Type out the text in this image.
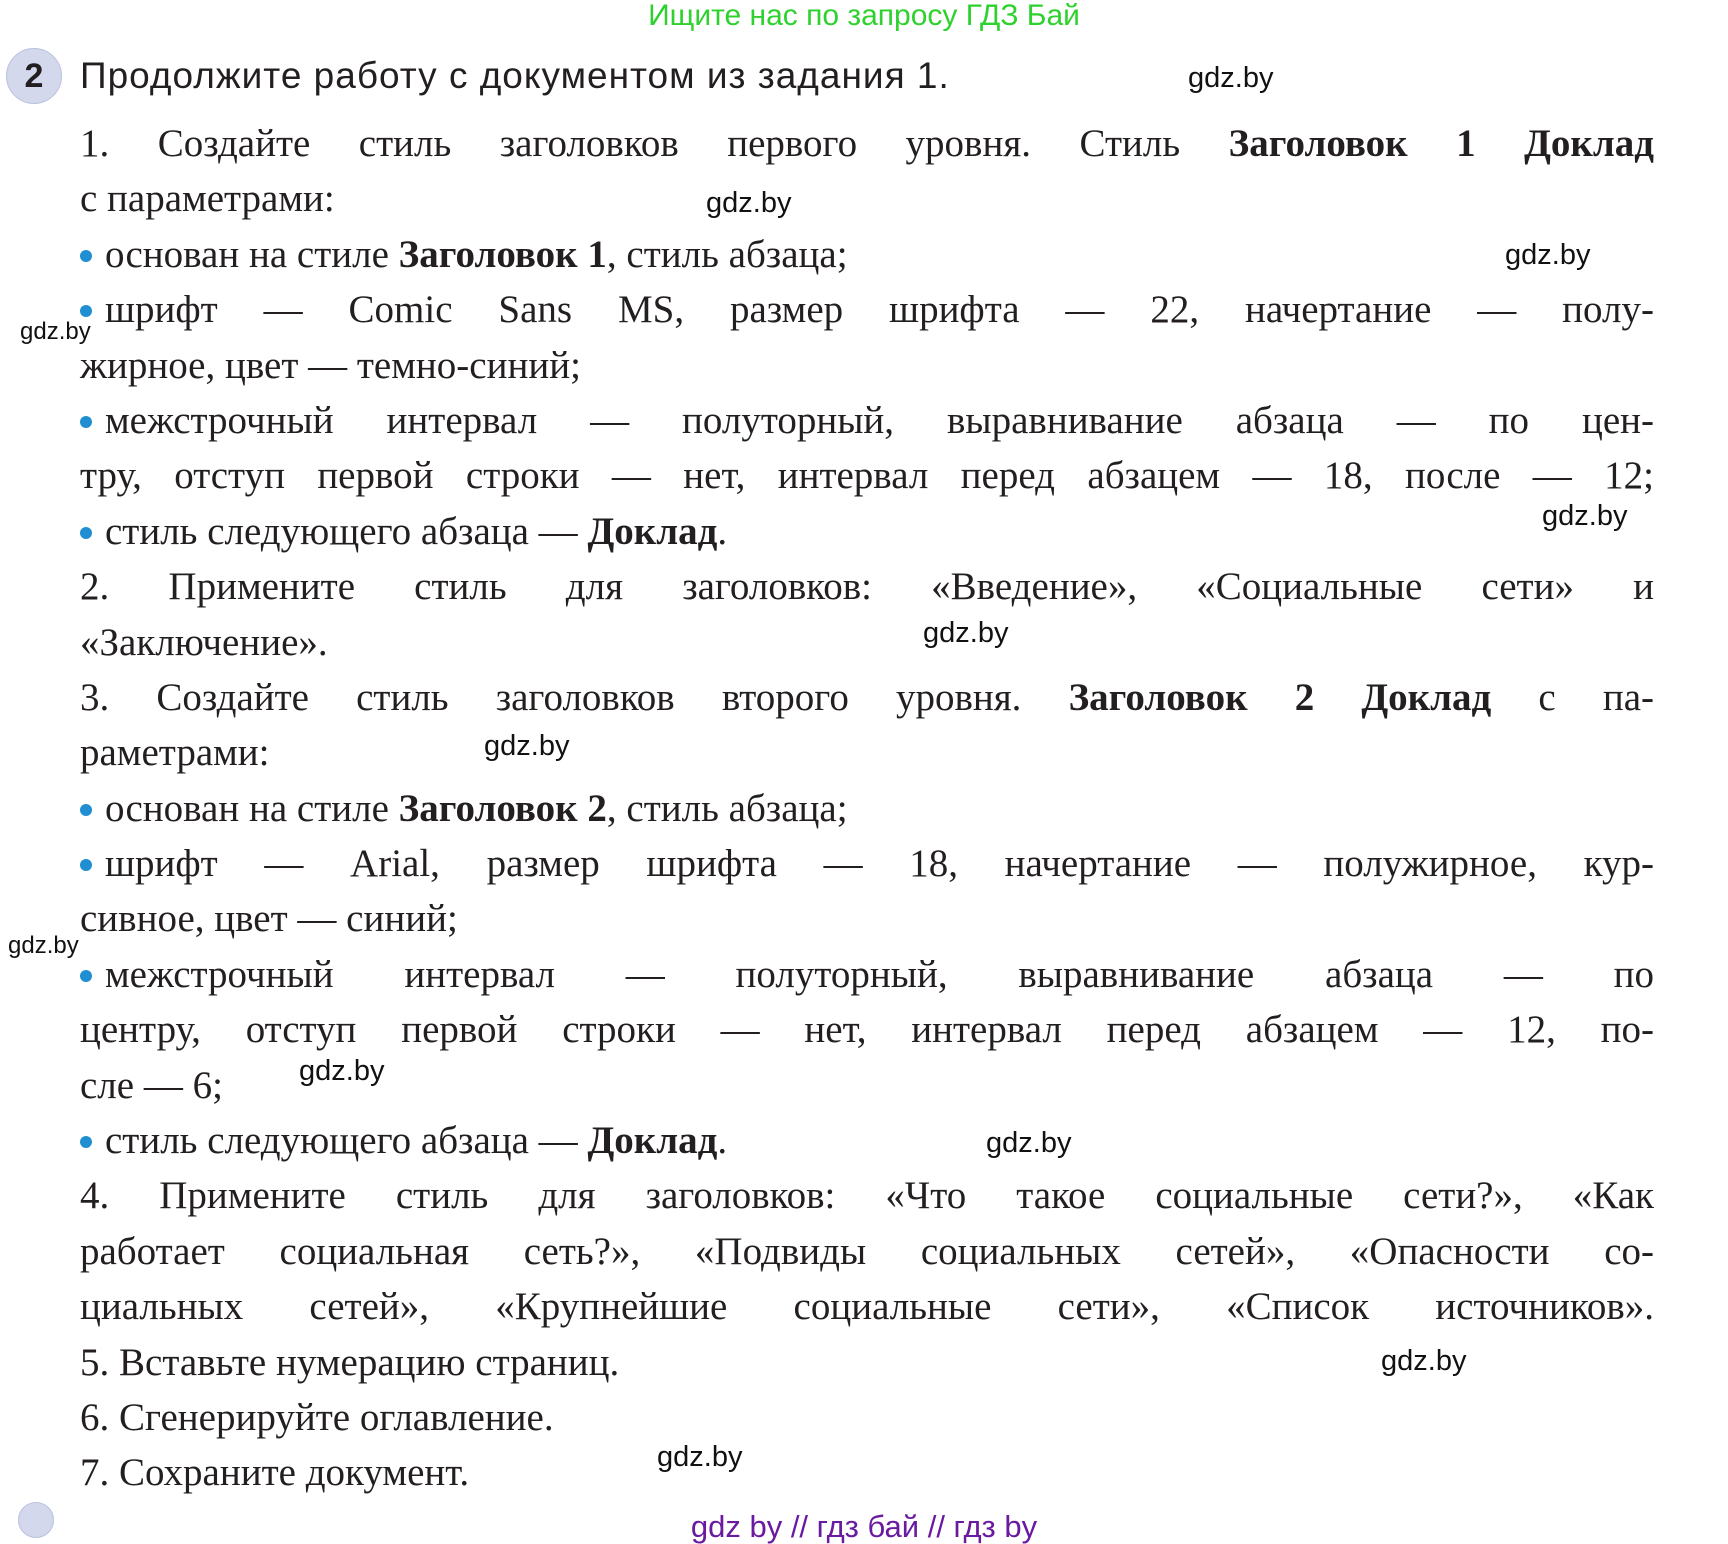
Ищите нас по запросу ГДЗ Бай
2 Продолжите работу с документом из задания 1.
1. Создайте стиль заголовков первого уровня. Стиль Заголовок 1 Доклад
с параметрами:
основан на стиле Заголовок 1, стиль абзаца;
шрифт — Comic Sans MS, размер шрифта — 22, начертание — полу-
жирное, цвет — темно-синий;
межстрочный интервал — полуторный, выравнивание абзаца — по цен-
тру, отступ первой строки — нет, интервал перед абзацем — 18, после — 12;
стиль следующего абзаца — Доклад.
2. Примените стиль для заголовков: «Введение», «Социальные сети» и
«Заключение».
3. Создайте стиль заголовков второго уровня. Заголовок 2 Доклад с па-
раметрами:
основан на стиле Заголовок 2, стиль абзаца;
шрифт — Arial, размер шрифта — 18, начертание — полужирное, кур-
сивное, цвет — синий;
межстрочный интервал — полуторный, выравнивание абзаца — по
центру, отступ первой строки — нет, интервал перед абзацем — 12, по-
сле — 6;
стиль следующего абзаца — Доклад.
4. Примените стиль для заголовков: «Что такое социальные сети?», «Как
работает социальная сеть?», «Подвиды социальных сетей», «Опасности со-
циальных сетей», «Крупнейшие социальные сети», «Список источников».
5. Вставьте нумерацию страниц.
6. Сгенерируйте оглавление.
7. Сохраните документ.
gdz.by
gdz.by
gdz.by
gdz.by
gdz.by
gdz.by
gdz.by
gdz.by
gdz.by
gdz.by
gdz.by
gdz.by
gdz by // гдз бай // гдз by
